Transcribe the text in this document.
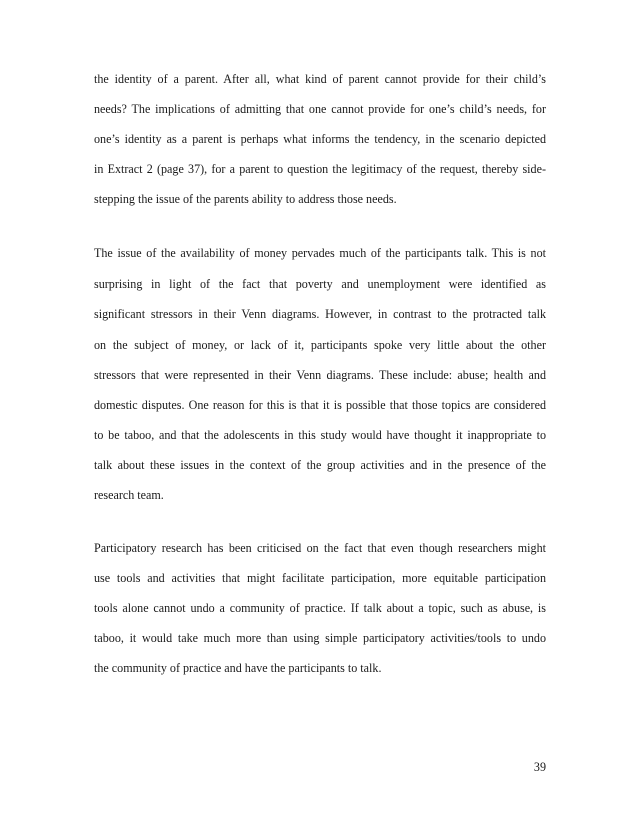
the identity of a parent. After all, what kind of parent cannot provide for their child’s
needs? The implications of admitting that one cannot provide for one’s child’s needs, for
one’s identity as a parent is perhaps what informs the tendency, in the scenario depicted
in Extract 2 (page 37), for a parent to question the legitimacy of the request, thereby side-
stepping the issue of the parents ability to address those needs.
The issue of the availability of money pervades much of the participants talk. This is not
surprising in light of the fact that poverty and unemployment were identified as
significant stressors in their Venn diagrams. However, in contrast to the protracted talk
on the subject of money, or lack of it, participants spoke very little about the other
stressors that were represented in their Venn diagrams. These include: abuse; health and
domestic disputes. One reason for this is that it is possible that those topics are considered
to be taboo, and that the adolescents in this study would have thought it inappropriate to
talk about these issues in the context of the group activities and in the presence of the
research team.
Participatory research has been criticised on the fact that even though researchers might
use tools and activities that might facilitate participation, more equitable participation
tools alone cannot undo a community of practice. If talk about a topic, such as abuse, is
taboo, it would take much more than using simple participatory activities/tools to undo
the community of practice and have the participants to talk.
39
